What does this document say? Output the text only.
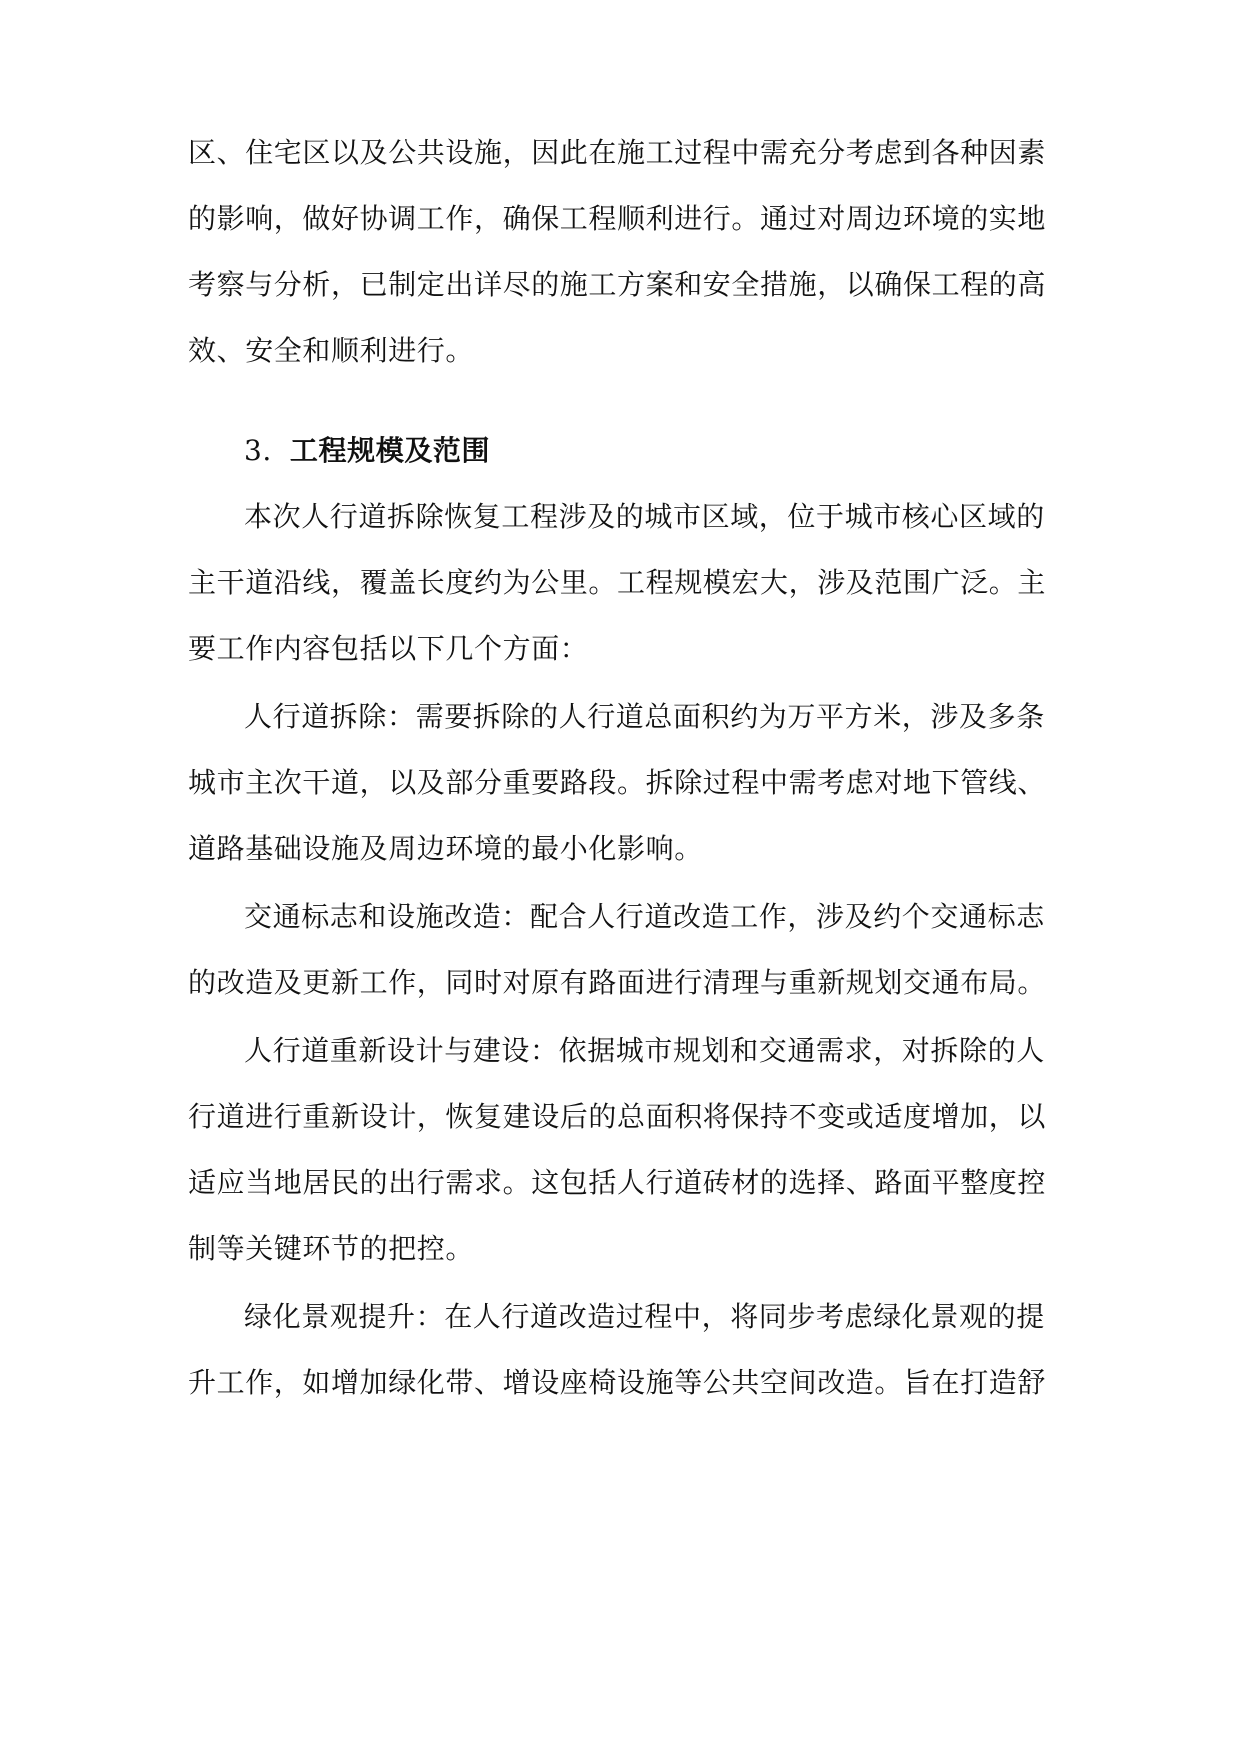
区、住宅区以及公共设施，因此在施工过程中需充分考虑到各种因素
的影响，做好协调工作，确保工程顺利进行。通过对周边环境的实地
考察与分析，已制定出详尽的施工方案和安全措施，以确保工程的高
效、安全和顺利进行。
3. 工程规模及范围
本次人行道拆除恢复工程涉及的城市区域，位于城市核心区域的
主干道沿线，覆盖长度约为公里。工程规模宏大，涉及范围广泛。主
要工作内容包括以下几个方面：
人行道拆除：需要拆除的人行道总面积约为万平方米，涉及多条
城市主次干道，以及部分重要路段。拆除过程中需考虑对地下管线、
道路基础设施及周边环境的最小化影响。
交通标志和设施改造：配合人行道改造工作，涉及约个交通标志
的改造及更新工作，同时对原有路面进行清理与重新规划交通布局。
人行道重新设计与建设：依据城市规划和交通需求，对拆除的人
行道进行重新设计，恢复建设后的总面积将保持不变或适度增加，以
适应当地居民的出行需求。这包括人行道砖材的选择、路面平整度控
制等关键环节的把控。
绿化景观提升：在人行道改造过程中，将同步考虑绿化景观的提
升工作，如增加绿化带、增设座椅设施等公共空间改造。旨在打造舒
